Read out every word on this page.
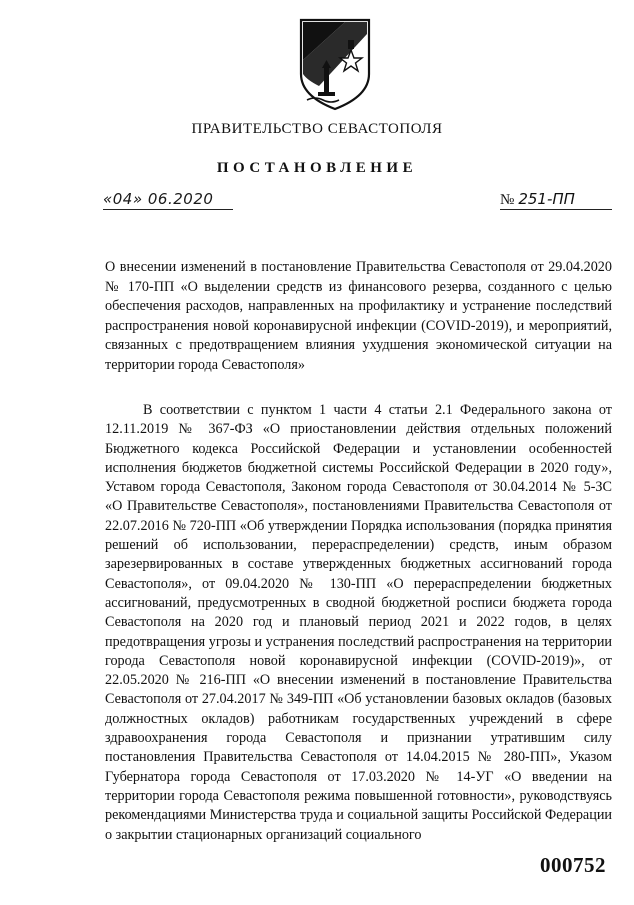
ПРАВИТЕЛЬСТВО СЕВАСТОПОЛЯ
ПОСТАНОВЛЕНИЕ
«04» 06.2020	№ 251-ПП
О внесении изменений в постановление Правительства Севастополя от 29.04.2020 № 170-ПП «О выделении средств из финансового резерва, созданного с целью обеспечения расходов, направленных на профилактику и устранение последствий распространения новой коронавирусной инфекции (COVID-2019), и мероприятий, связанных с предотвращением влияния ухудшения экономической ситуации на территории города Севастополя»
В соответствии с пунктом 1 части 4 статьи 2.1 Федерального закона от 12.11.2019 № 367-ФЗ «О приостановлении действия отдельных положений Бюджетного кодекса Российской Федерации и установлении особенностей исполнения бюджетов бюджетной системы Российской Федерации в 2020 году», Уставом города Севастополя, Законом города Севастополя от 30.04.2014 № 5-ЗС «О Правительстве Севастополя», постановлениями Правительства Севастополя от 22.07.2016 № 720-ПП «Об утверждении Порядка использования (порядка принятия решений об использовании, перераспределении) средств, иным образом зарезервированных в составе утвержденных бюджетных ассигнований города Севастополя», от 09.04.2020 № 130-ПП «О перераспределении бюджетных ассигнований, предусмотренных в сводной бюджетной росписи бюджета города Севастополя на 2020 год и плановый период 2021 и 2022 годов, в целях предотвращения угрозы и устранения последствий распространения на территории города Севастополя новой коронавирусной инфекции (COVID-2019)», от 22.05.2020 № 216-ПП «О внесении изменений в постановление Правительства Севастополя от 27.04.2017 № 349-ПП «Об установлении базовых окладов (базовых должностных окладов) работникам государственных учреждений в сфере здравоохранения города Севастополя и признании утратившим силу постановления Правительства Севастополя от 14.04.2015 № 280-ПП», Указом Губернатора города Севастополя от 17.03.2020 № 14-УГ «О введении на территории города Севастополя режима повышенной готовности», руководствуясь рекомендациями Министерства труда и социальной защиты Российской Федерации о закрытии стационарных организаций социального
000752
